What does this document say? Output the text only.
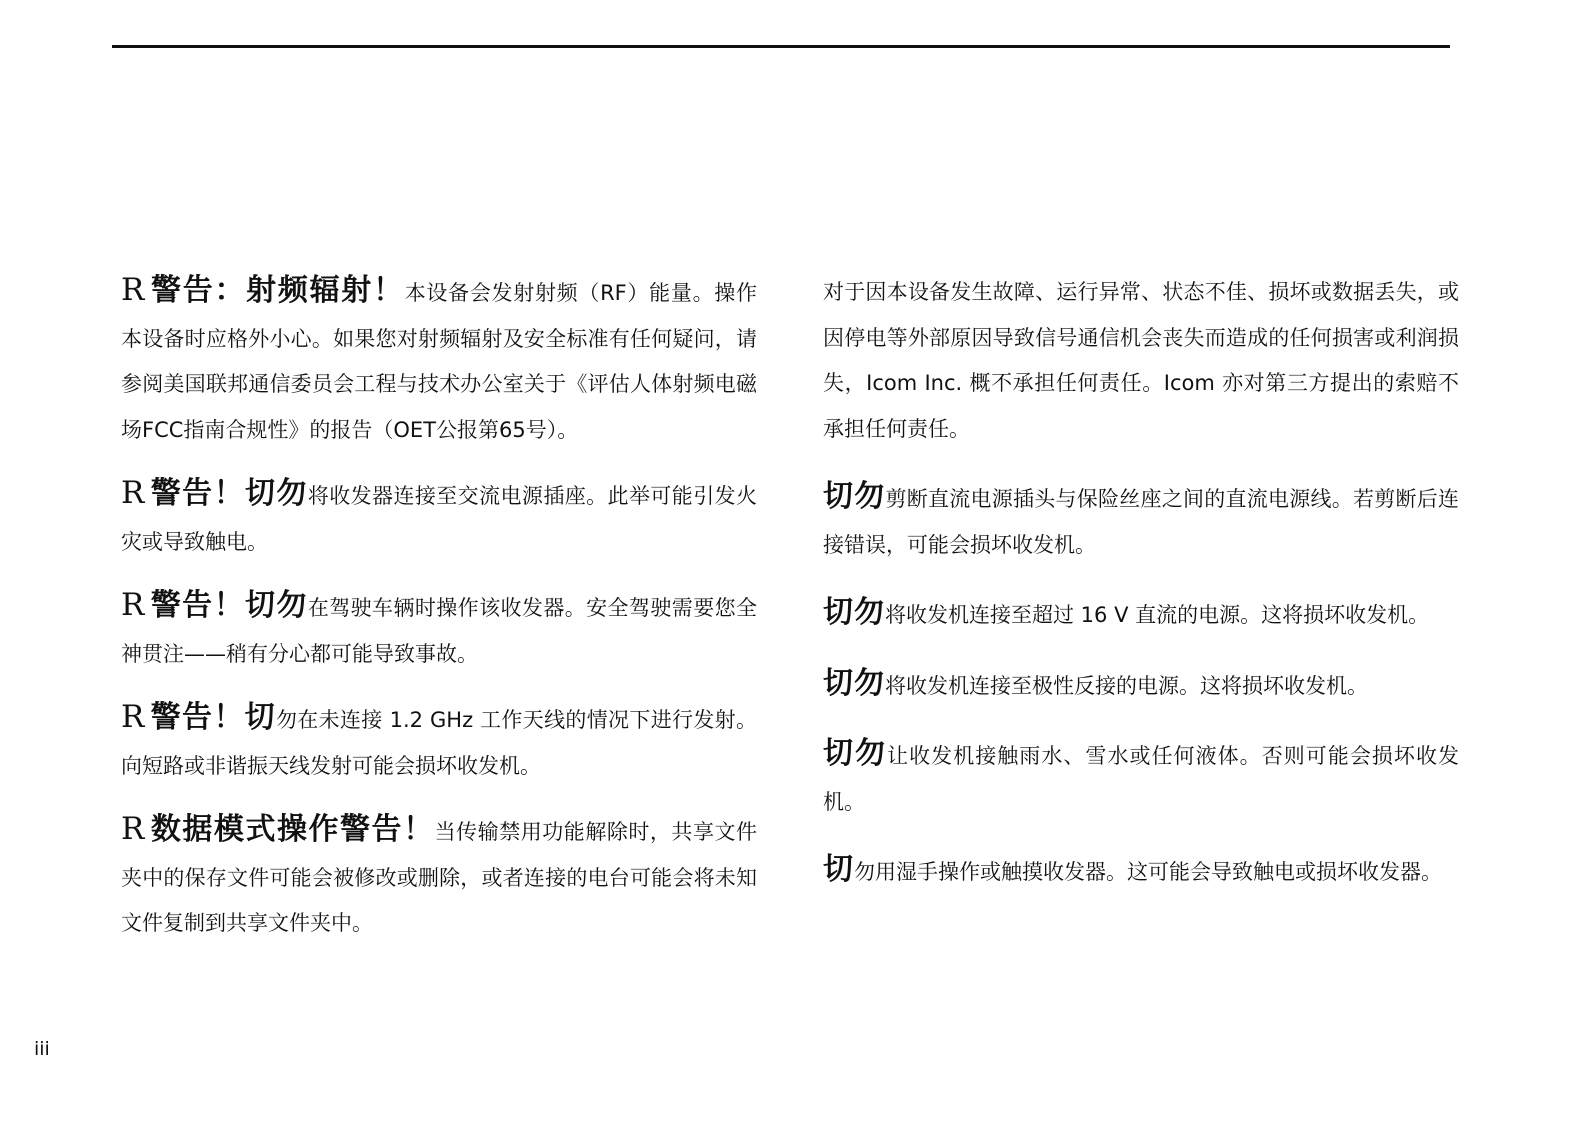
R 警告：射频辐射！本设备会发射射频（RF）能量。操作本设备时应格外小心。如果您对射频辐射及安全标准有任何疑问，请参阅美国联邦通信委员会工程与技术办公室关于《评估人体射频电磁场FCC指南合规性》的报告（OET公报第65号）。

R 警告！切勿将收发器连接至交流电源插座。此举可能引发火灾或导致触电。

R 警告！切勿在驾驶车辆时操作该收发器。安全驾驶需要您全神贯注——稍有分心都可能导致事故。

R 警告！切勿在未连接 1.2 GHz 工作天线的情况下进行发射。向短路或非谐振天线发射可能会损坏收发机。

R 数据模式操作警告！当传输禁用功能解除时，共享文件夹中的保存文件可能会被修改或删除，或者连接的电台可能会将未知文件复制到共享文件夹中。

对于因本设备发生故障、运行异常、状态不佳、损坏或数据丢失，或因停电等外部原因导致信号通信机会丧失而造成的任何损害或利润损失，Icom Inc. 概不承担任何责任。Icom 亦对第三方提出的索赔不承担任何责任。

切勿剪断直流电源插头与保险丝座之间的直流电源线。若剪断后连接错误，可能会损坏收发机。

切勿将收发机连接至超过 16 V 直流的电源。这将损坏收发机。

切勿将收发机连接至极性反接的电源。这将损坏收发机。

切勿让收发机接触雨水、雪水或任何液体。否则可能会损坏收发机。

切勿用湿手操作或触摸收发器。这可能会导致触电或损坏收发器。

iii
